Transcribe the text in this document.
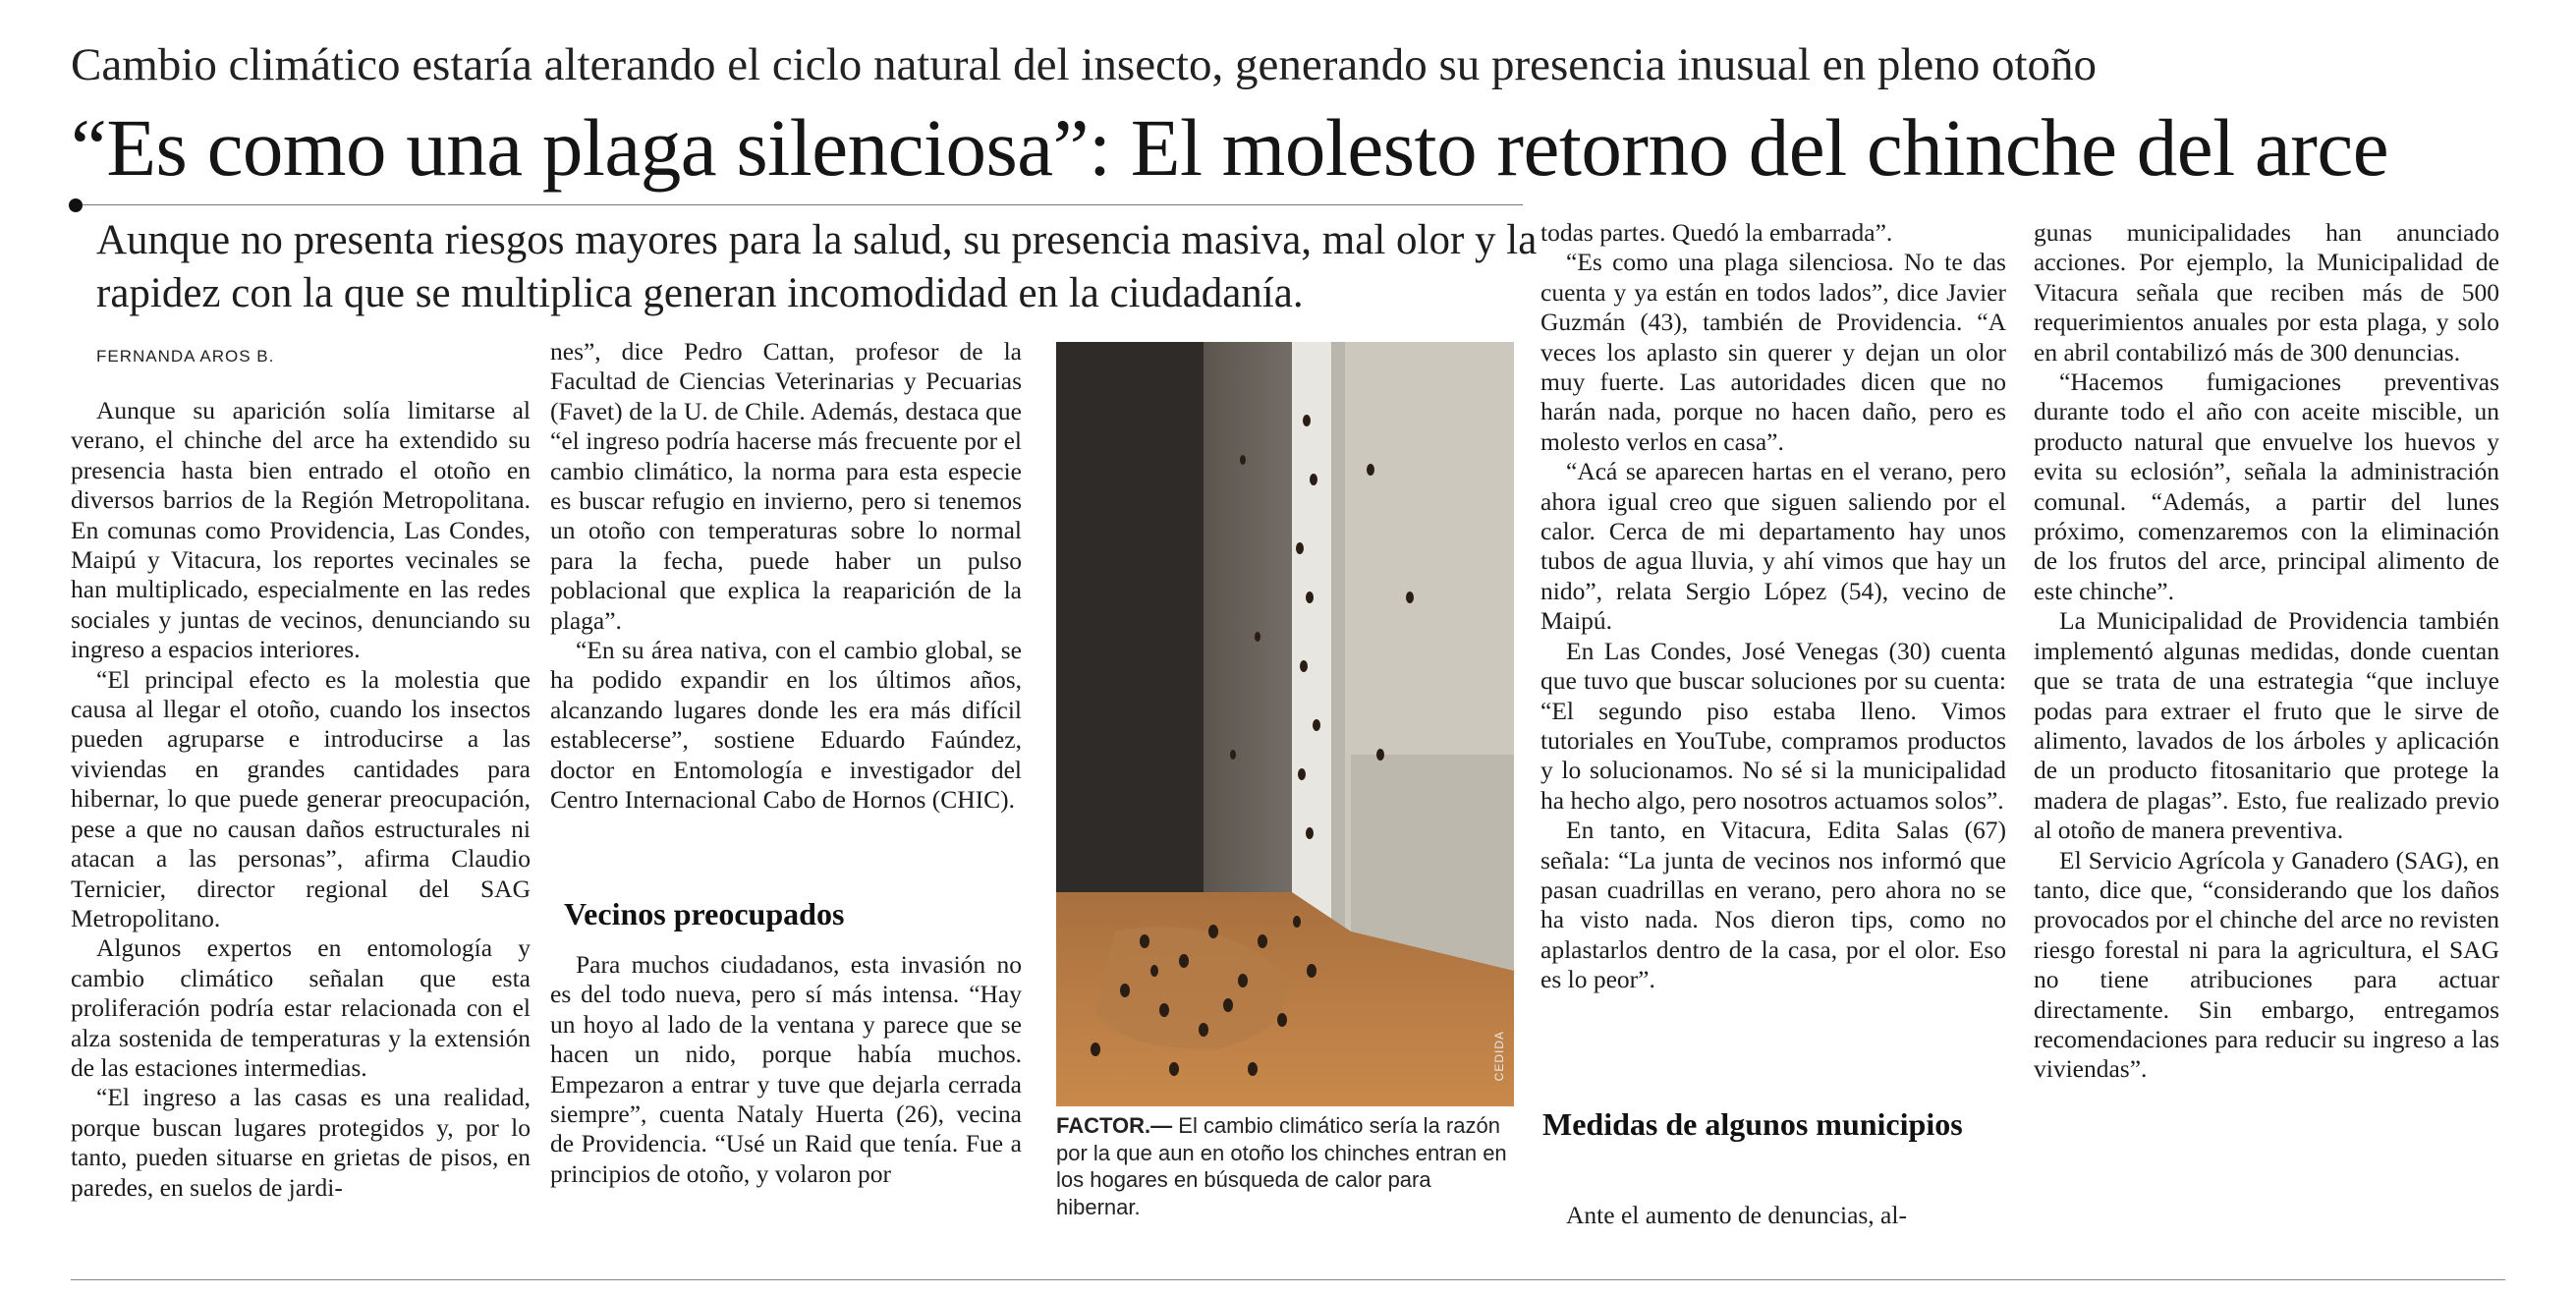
Cambio climático estaría alterando el ciclo natural del insecto, generando su presencia inusual en pleno otoño
“Es como una plaga silenciosa”: El molesto retorno del chinche del arce
Aunque no presenta riesgos mayores para la salud, su presencia masiva, mal olor y la rapidez con la que se multiplica generan incomodidad en la ciudadanía.
FERNANDA AROS B.

Aunque su aparición solía limitarse al verano, el chinche del arce ha extendido su presencia hasta bien entrado el otoño en diversos barrios de la Región Metropolitana. En comunas como Providencia, Las Condes, Maipú y Vitacura, los reportes vecinales se han multiplicado, especialmente en las redes sociales y juntas de vecinos, denunciando su ingreso a espacios interiores.

“El principal efecto es la molestia que causa al llegar el otoño, cuando los insectos pueden agruparse e introducirse a las viviendas en grandes cantidades para hibernar, lo que puede generar preocupación, pese a que no causan daños estructurales ni atacan a las personas”, afirma Claudio Ternicier, director regional del SAG Metropolitano.

Algunos expertos en entomología y cambio climático señalan que esta proliferación podría estar relacionada con el alza sostenida de temperaturas y la extensión de las estaciones intermedias.

“El ingreso a las casas es una realidad, porque buscan lugares protegidos y, por lo tanto, pueden situarse en grietas de pisos, en paredes, en suelos de jardi-

nes”, dice Pedro Cattan, profesor de la Facultad de Ciencias Veterinarias y Pecuarias (Favet) de la U. de Chile. Además, destaca que “el ingreso podría hacerse más frecuente por el cambio climático, la norma para esta especie es buscar refugio en invierno, pero si tenemos un otoño con temperaturas sobre lo normal para la fecha, puede haber un pulso poblacional que explica la reaparición de la plaga”.

“En su área nativa, con el cambio global, se ha podido expandir en los últimos años, alcanzando lugares donde les era más difícil establecerse”, sostiene Eduardo Faúndez, doctor en Entomología e investigador del Centro Internacional Cabo de Hornos (CHIC).

Vecinos preocupados

Para muchos ciudadanos, esta invasión no es del todo nueva, pero sí más intensa. “Hay un hoyo al lado de la ventana y parece que se hacen un nido, porque había muchos. Empezaron a entrar y tuve que dejarla cerrada siempre”, cuenta Nataly Huerta (26), vecina de Providencia. “Usé un Raid que tenía. Fue a principios de otoño, y volaron por

CEDIDA
FACTOR.— El cambio climático sería la razón por la que aun en otoño los chinches entran en los hogares en búsqueda de calor para hibernar.

todas partes. Quedó la embarrada”.

“Es como una plaga silenciosa. No te das cuenta y ya están en todos lados”, dice Javier Guzmán (43), también de Providencia. “A veces los aplasto sin querer y dejan un olor muy fuerte. Las autoridades dicen que no harán nada, porque no hacen daño, pero es molesto verlos en casa”.

“Acá se aparecen hartas en el verano, pero ahora igual creo que siguen saliendo por el calor. Cerca de mi departamento hay unos tubos de agua lluvia, y ahí vimos que hay un nido”, relata Sergio López (54), vecino de Maipú.

En Las Condes, José Venegas (30) cuenta que tuvo que buscar soluciones por su cuenta: “El segundo piso estaba lleno. Vimos tutoriales en YouTube, compramos productos y lo solucionamos. No sé si la municipalidad ha hecho algo, pero nosotros actuamos solos”.

En tanto, en Vitacura, Edita Salas (67) señala: “La junta de vecinos nos informó que pasan cuadrillas en verano, pero ahora no se ha visto nada. Nos dieron tips, como no aplastarlos dentro de la casa, por el olor. Eso es lo peor”.

Medidas de algunos municipios

Ante el aumento de denuncias, al-

gunas municipalidades han anunciado acciones. Por ejemplo, la Municipalidad de Vitacura señala que reciben más de 500 requerimientos anuales por esta plaga, y solo en abril contabilizó más de 300 denuncias.

“Hacemos fumigaciones preventivas durante todo el año con aceite miscible, un producto natural que envuelve los huevos y evita su eclosión”, señala la administración comunal. “Además, a partir del lunes próximo, comenzaremos con la eliminación de los frutos del arce, principal alimento de este chinche”.

La Municipalidad de Providencia también implementó algunas medidas, donde cuentan que se trata de una estrategia “que incluye podas para extraer el fruto que le sirve de alimento, lavados de los árboles y aplicación de un producto fitosanitario que protege la madera de plagas”. Esto, fue realizado previo al otoño de manera preventiva.

El Servicio Agrícola y Ganadero (SAG), en tanto, dice que, “considerando que los daños provocados por el chinche del arce no revisten riesgo forestal ni para la agricultura, el SAG no tiene atribuciones para actuar directamente. Sin embargo, entregamos recomendaciones para reducir su ingreso a las viviendas”.
